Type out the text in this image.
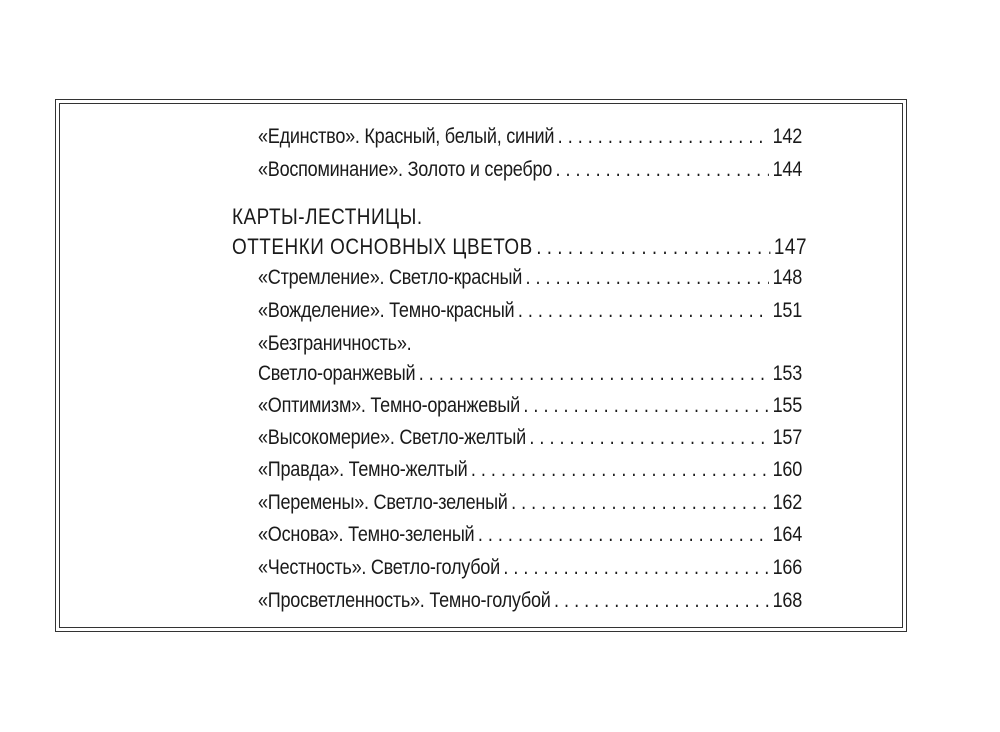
«Единство». Красный, белый, синий . . .	142
«Воспоминание». Золото и серебро . . .	144
КАРТЫ-ЛЕСТНИЦЫ.
ОТТЕНКИ ОСНОВНЫХ ЦВЕТОВ . . .	147
«Стремление». Светло-красный . . .	148
«Вожделение». Темно-красный . . .	151
«Безграничность».
Светло-оранжевый . . .	153
«Оптимизм». Темно-оранжевый . . .	155
«Высокомерие». Светло-желтый . . .	157
«Правда». Темно-желтый . . .	160
«Перемены». Светло-зеленый . . .	162
«Основа». Темно-зеленый . . .	164
«Честность». Светло-голубой . . .	166
«Просветленность». Темно-голубой . . .	168
